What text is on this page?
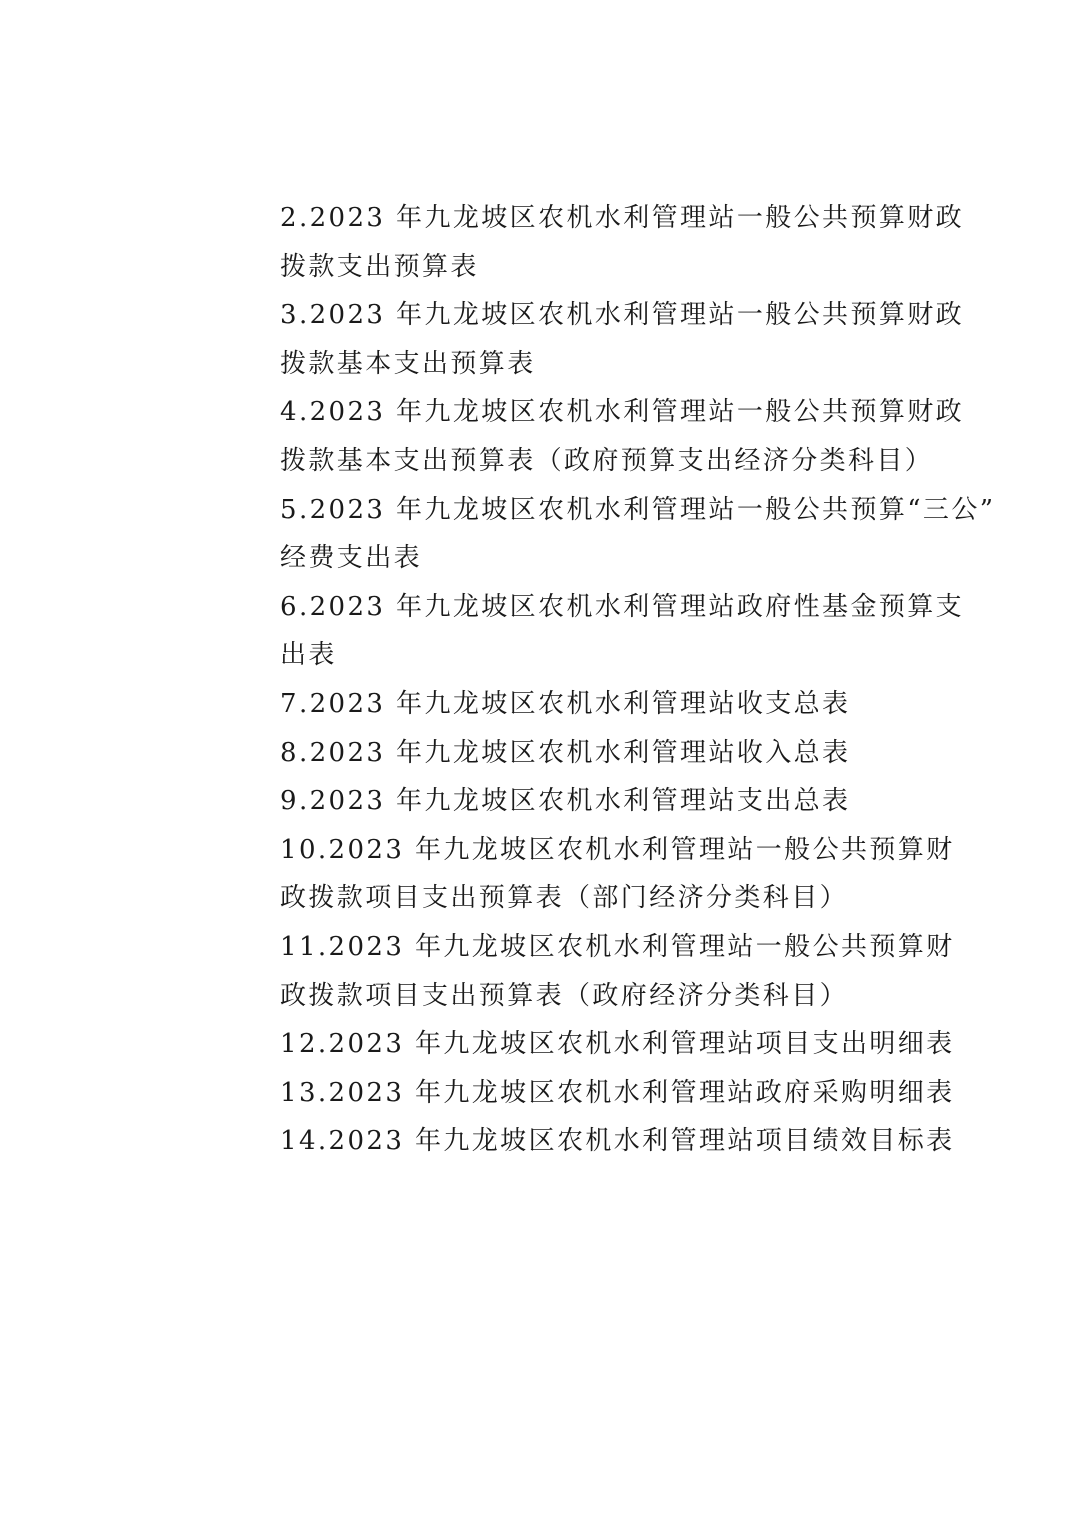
2.2023 年九龙坡区农机水利管理站一般公共预算财政
拨款支出预算表
3.2023 年九龙坡区农机水利管理站一般公共预算财政
拨款基本支出预算表
4.2023 年九龙坡区农机水利管理站一般公共预算财政
拨款基本支出预算表（政府预算支出经济分类科目）
5.2023 年九龙坡区农机水利管理站一般公共预算“三公”
经费支出表
6.2023 年九龙坡区农机水利管理站政府性基金预算支
出表
7.2023 年九龙坡区农机水利管理站收支总表
8.2023 年九龙坡区农机水利管理站收入总表
9.2023 年九龙坡区农机水利管理站支出总表
10.2023 年九龙坡区农机水利管理站一般公共预算财
政拨款项目支出预算表（部门经济分类科目）
11.2023 年九龙坡区农机水利管理站一般公共预算财
政拨款项目支出预算表（政府经济分类科目）
12.2023 年九龙坡区农机水利管理站项目支出明细表
13.2023 年九龙坡区农机水利管理站政府采购明细表
14.2023 年九龙坡区农机水利管理站项目绩效目标表
